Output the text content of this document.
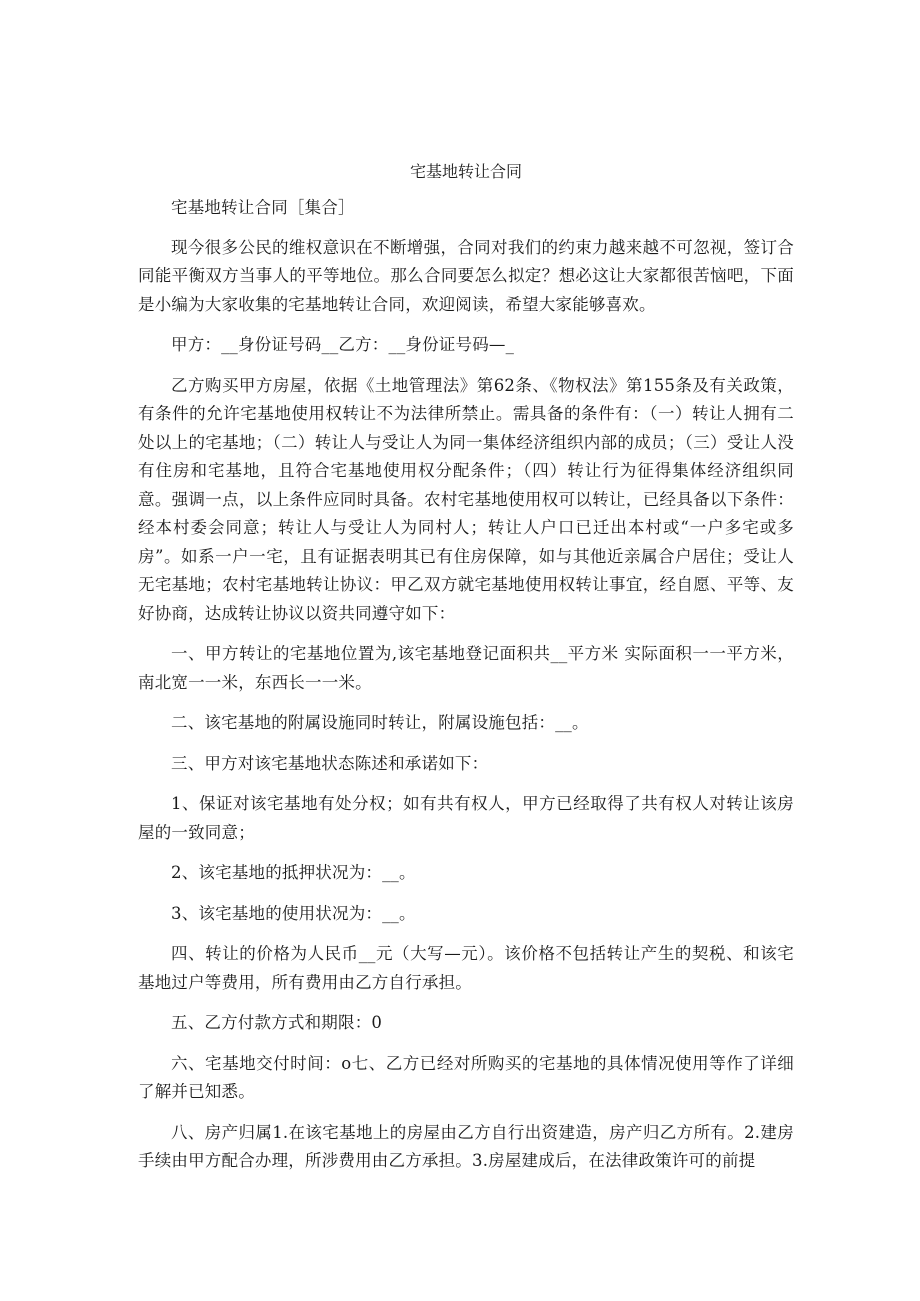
宅基地转让合同

宅基地转让合同［集合］

现今很多公民的维权意识在不断增强，合同对我们的约束力越来越不可忽视，签订合同能平衡双方当事人的平等地位。那么合同要怎么拟定？想必这让大家都很苦恼吧，下面是小编为大家收集的宅基地转让合同，欢迎阅读，希望大家能够喜欢。

甲方：__身份证号码__乙方：__身份证号码—_

乙方购买甲方房屋，依据《土地管理法》第62条、《物权法》第155条及有关政策，有条件的允许宅基地使用权转让不为法律所禁止。需具备的条件有：（一）转让人拥有二处以上的宅基地；（二）转让人与受让人为同一集体经济组织内部的成员；（三）受让人没有住房和宅基地，且符合宅基地使用权分配条件；（四）转让行为征得集体经济组织同意。强调一点，以上条件应同时具备。农村宅基地使用权可以转让，已经具备以下条件：经本村委会同意；转让人与受让人为同村人；转让人户口已迁出本村或“一户多宅或多房”。如系一户一宅，且有证据表明其已有住房保障，如与其他近亲属合户居住；受让人无宅基地；农村宅基地转让协议：甲乙双方就宅基地使用权转让事宜，经自愿、平等、友好协商，达成转让协议以资共同遵守如下：

一、甲方转让的宅基地位置为,该宅基地登记面积共__平方米 实际面积一一平方米，南北宽一一米，东西长一一米。

二、该宅基地的附属设施同时转让，附属设施包括：__。

三、甲方对该宅基地状态陈述和承诺如下：

1、保证对该宅基地有处分权；如有共有权人，甲方已经取得了共有权人对转让该房屋的一致同意；

2、该宅基地的抵押状况为：__。

3、该宅基地的使用状况为：__。

四、转让的价格为人民币__元（大写—元）。该价格不包括转让产生的契税、和该宅基地过户等费用，所有费用由乙方自行承担。

五、乙方付款方式和期限：0

六、宅基地交付时间：o七、乙方已经对所购买的宅基地的具体情况使用等作了详细了解并已知悉。

八、房产归属1.在该宅基地上的房屋由乙方自行出资建造，房产归乙方所有。2.建房手续由甲方配合办理，所涉费用由乙方承担。3.房屋建成后，在法律政策许可的前提
